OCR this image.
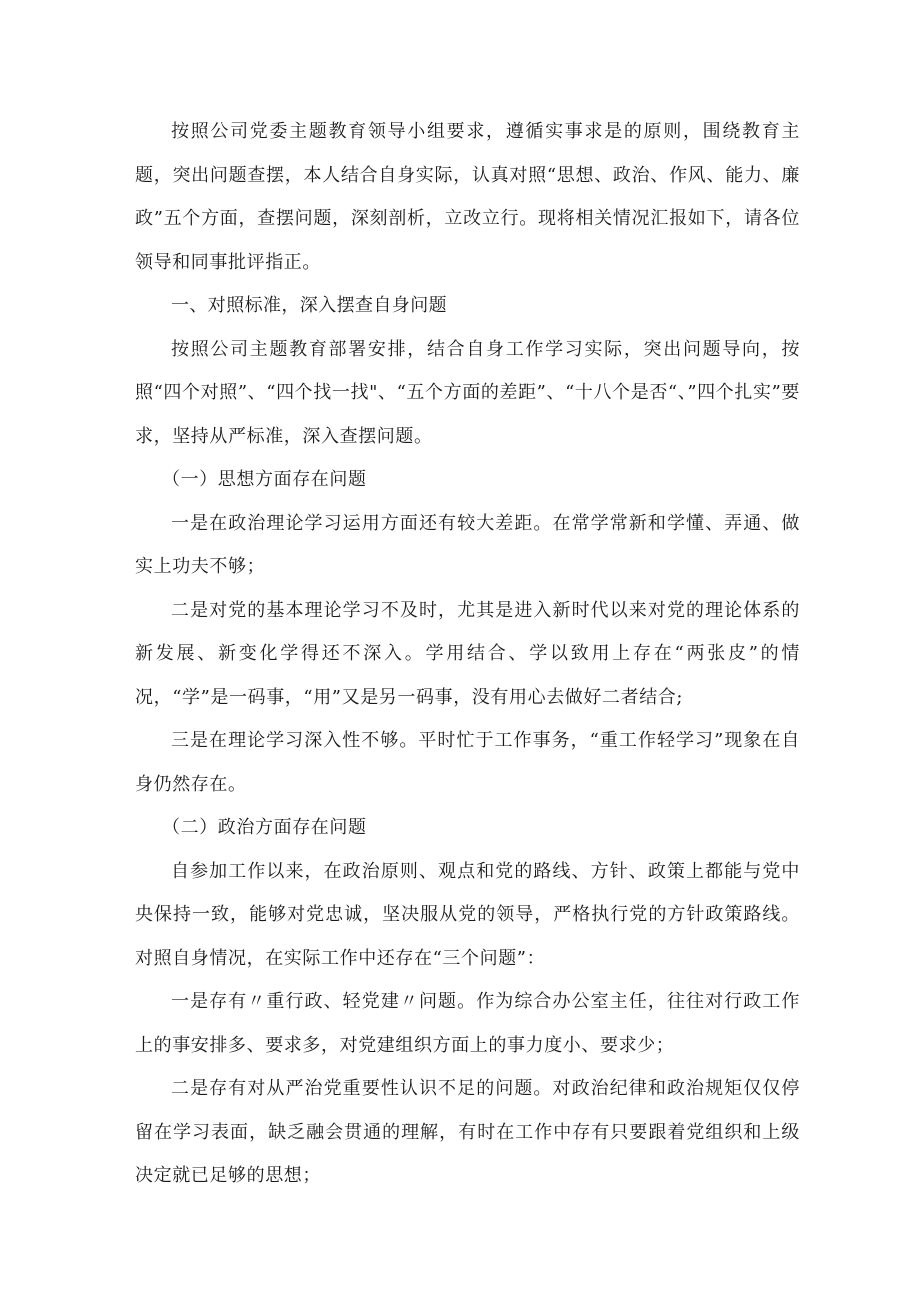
按照公司党委主题教育领导小组要求，遵循实事求是的原则，围绕教育主题，突出问题查摆，本人结合自身实际，认真对照“思想、政治、作风、能力、廉政”五个方面，查摆问题，深刻剖析，立改立行。现将相关情况汇报如下，请各位领导和同事批评指正。

一、对照标准，深入摆查自身问题

按照公司主题教育部署安排，结合自身工作学习实际，突出问题导向，按照“四个对照”、“四个找一找"、“五个方面的差距”、“十八个是否“、”四个扎实”要求，坚持从严标准，深入查摆问题。

（一）思想方面存在问题

一是在政治理论学习运用方面还有较大差距。在常学常新和学懂、弄通、做实上功夫不够；

二是对党的基本理论学习不及时，尤其是进入新时代以来对党的理论体系的新发展、新变化学得还不深入。学用结合、学以致用上存在“两张皮”的情况，“学”是一码事，“用”又是另一码事，没有用心去做好二者结合;

三是在理论学习深入性不够。平时忙于工作事务，“重工作轻学习”现象在自身仍然存在。

（二）政治方面存在问题

自参加工作以来，在政治原则、观点和党的路线、方针、政策上都能与党中央保持一致，能够对党忠诚，坚决服从党的领导，严格执行党的方针政策路线。对照自身情况，在实际工作中还存在“三个问题”：

一是存有〃重行政、轻党建〃问题。作为综合办公室主任，往往对行政工作上的事安排多、要求多，对党建组织方面上的事力度小、要求少；

二是存有对从严治党重要性认识不足的问题。对政治纪律和政治规矩仅仅停留在学习表面，缺乏融会贯通的理解，有时在工作中存有只要跟着党组织和上级决定就已足够的思想；
